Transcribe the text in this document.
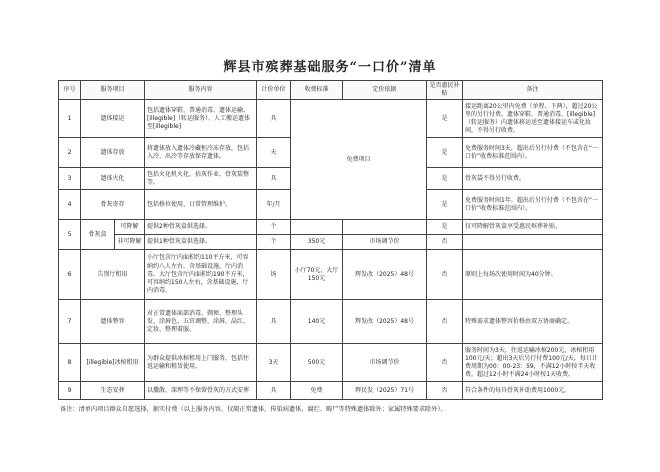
辉县市殡葬基础服务“一口价”清单
序号	服务项目		服务内容	计价单位	收费标准	定价依据	是否惠民补贴	备注
1	遗体接运		包括遗体穿鞋、普通消毒、遗体运输、[illegible]（转运服务）、人工搬运遗体至[illegible]	具	免费项目		是	接运距离20公里内免费（单程、下两），超过20公里的另行付费。遗体穿鞋、普通消毒、[illegible]（转运服务）内遗体移运送至遗体接运车或化妆间，不得另行收费。
2	遗体存放		将遗体放入遗体冷藏柜冷冻存放，包括入冷、出冷等存放保存遗体。	天			是	免费服务时间3天，超出后另行付费（不包含在“一口价”收费标准范围内）。
3	遗体火化		包括火化机火化、拾灰作业、骨灰装整等。	具			是	骨灰袋不得另行收费。
4	骨灰寄存		包括格位使用、日常管理维护。	年/月			是	免费服务时间1年。超出后另行付费（不包含在“一口价”收费标准范围内）。
5	骨灰盒	可降解	提供2种骨灰盒供选择。	个			是	仅可降解骨灰盒享受惠民殡葬补贴。
		非可降解	提供1种骨灰盒供选择。	个	350元	市场调节价	否	
6	告别厅租用		小厅包含厅内面积约110平方米，可容纳约八人左右，含基础设施，厅内消毒。大厅包含厅内面积约190平方米，可容纳约150人左右，含基础设施，厅内消毒。	场	小厅70元、大厅150元	辉发改（2025）48号	否	原则上每场次使用时间为40分钟。
7	遗体整容		对正常遗体面部消毒、剃须、整理头发、涂唇色、五官调整、涂唇、晶红、定妆、整理着服。	具	140元	辉发改（2025）48号	否	特殊需求遗体整容价格由双方协商确定。
8	[illegible]冰棺租用		为群众提供冰棺租用上门服务，包括往返运输和租赁使用。	3天	500元	市场调节价	否	服务时间为3天，往返运输冰棺200元，冰棺租用100元/天；超出3天后另行付费100元/天。每日计费周期为00：00-23：59，不满12小时按半天收费，超过12小时不满24小时按1天收费。
9	生态安葬		以撒散、深埋等不保留骨灰的方式安葬	具	免费	辉民发（2025）71号	否	符合条件的每具骨灰补助费用1000元。
备注：清单内项目群众自愿选择，据实付费（以上服务内容，仅限正常遗体，传染病遗体、腐烂、畸尸等特殊遗体除外；家属特殊要求除外）。
